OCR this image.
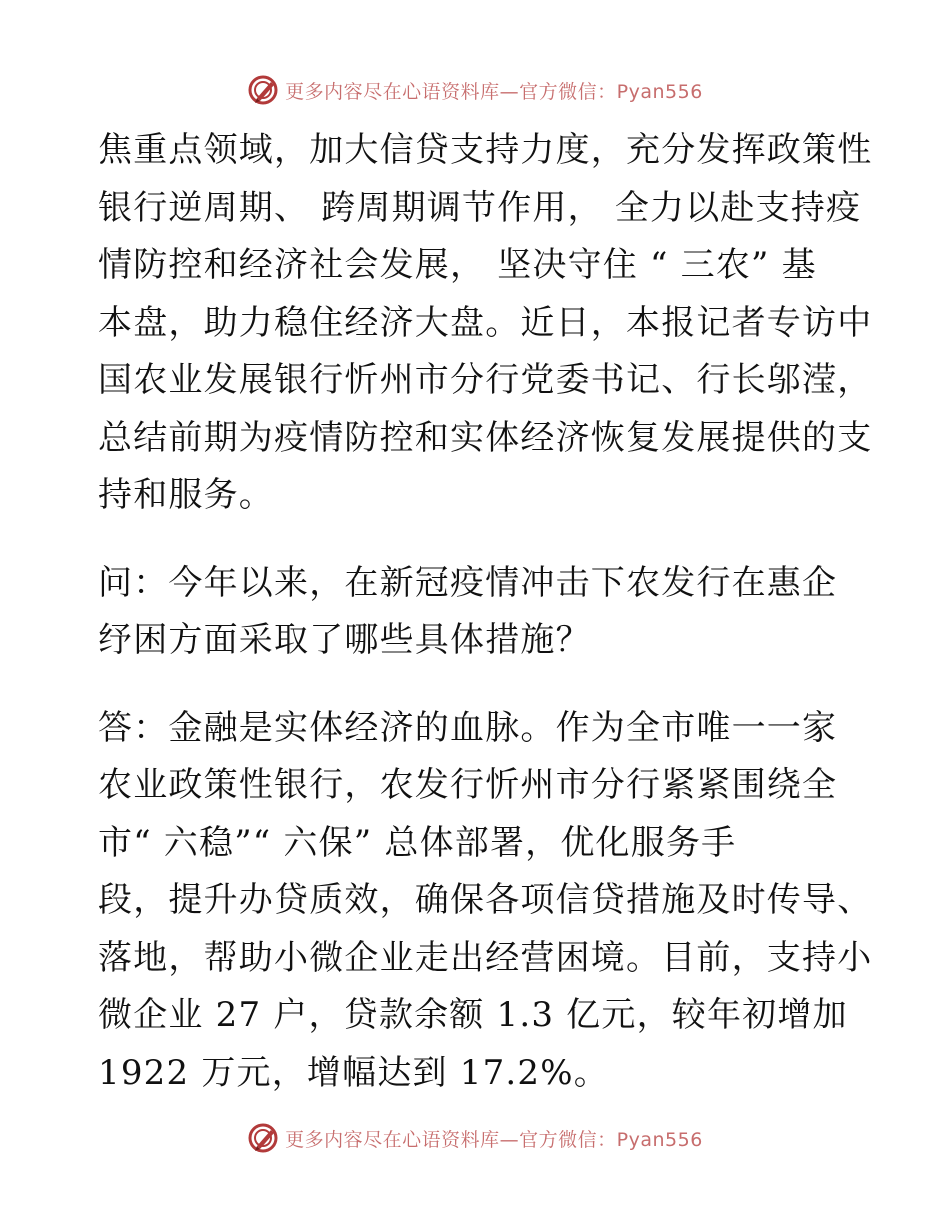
更多内容尽在心语资料库—官方微信：Pyan556
焦重点领域，加大信贷支持力度，充分发挥政策性
银行逆周期、 跨周期调节作用， 全力以赴支持疫
情防控和经济社会发展， 坚决守住 “ 三农” 基
本盘，助力稳住经济大盘。近日，本报记者专访中
国农业发展银行忻州市分行党委书记、行长邬滢，
总结前期为疫情防控和实体经济恢复发展提供的支
持和服务。
问：今年以来，在新冠疫情冲击下农发行在惠企
纾困方面采取了哪些具体措施？
答：金融是实体经济的血脉。作为全市唯一一家
农业政策性银行，农发行忻州市分行紧紧围绕全
市“ 六稳”“ 六保” 总体部署，优化服务手
段，提升办贷质效，确保各项信贷措施及时传导、
落地，帮助小微企业走出经营困境。目前，支持小
微企业 27 户，贷款余额 1.3 亿元，较年初增加
1922 万元，增幅达到 17.2%。
更多内容尽在心语资料库—官方微信：Pyan556
